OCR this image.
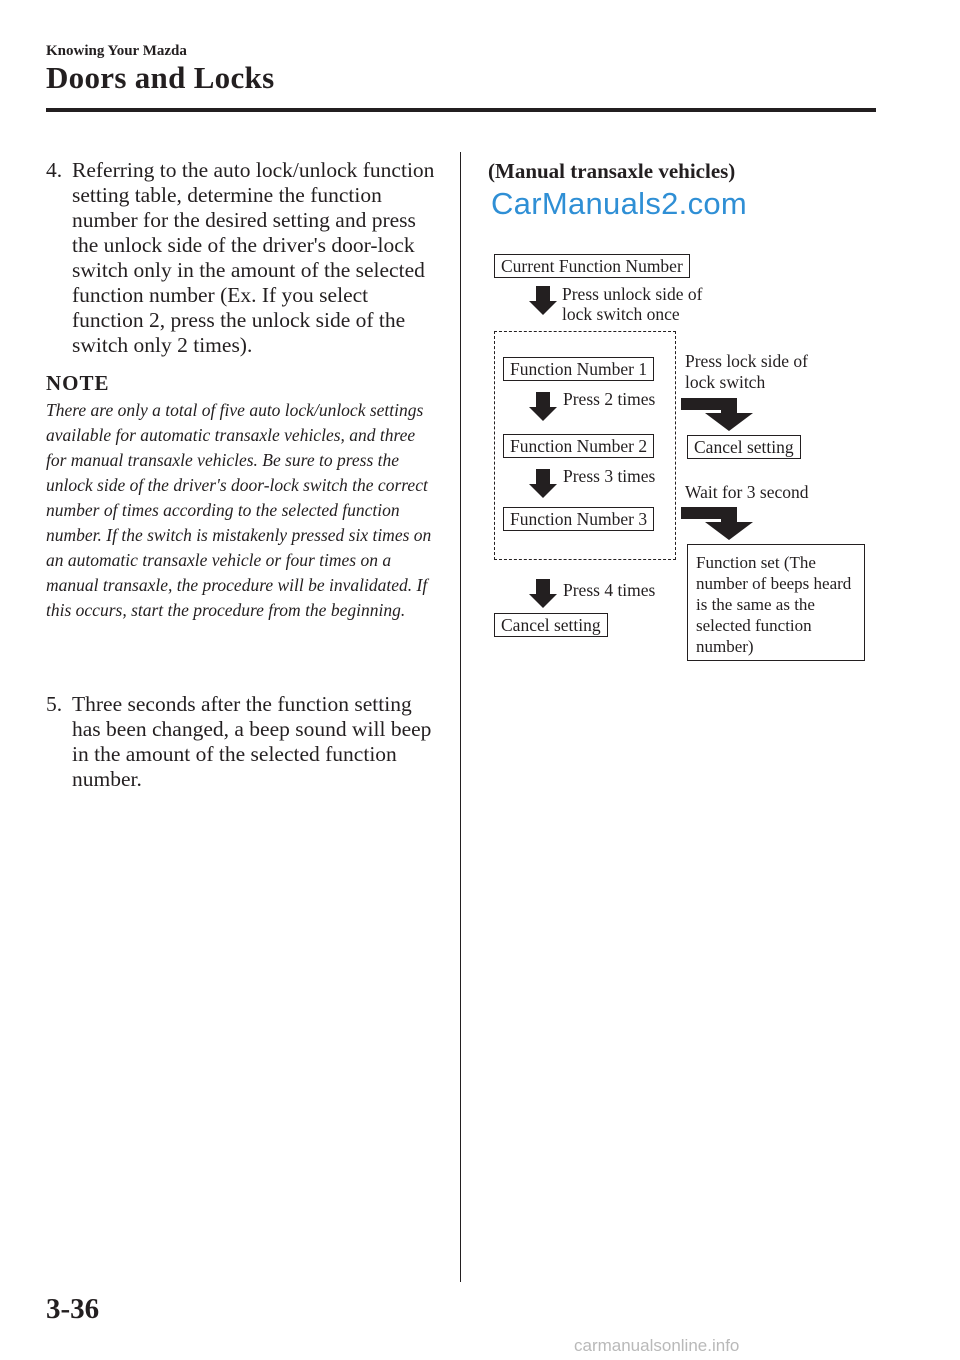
Knowing Your Mazda
Doors and Locks
4. Referring to the auto lock/unlock function setting table, determine the function number for the desired setting and press the unlock side of the driver's door-lock switch only in the amount of the selected function number (Ex. If you select function 2, press the unlock side of the switch only 2 times).
NOTE
There are only a total of five auto lock/unlock settings available for automatic transaxle vehicles, and three for manual transaxle vehicles. Be sure to press the unlock side of the driver's door-lock switch the correct number of times according to the selected function number. If the switch is mistakenly pressed six times on an automatic transaxle vehicle or four times on a manual transaxle, the procedure will be invalidated. If this occurs, start the procedure from the beginning.
5. Three seconds after the function setting has been changed, a beep sound will beep in the amount of the selected function number.
(Manual transaxle vehicles)
CarManuals2.com
Current Function Number
Press unlock side of
lock switch once
Function Number 1
Press 2 times
Function Number 2
Press 3 times
Function Number 3
Press 4 times
Cancel setting
Press lock side of
lock switch
Cancel setting
Wait for 3 second
Function set (The number of beeps heard is the same as the selected function number)
3-36
carmanualsonline.info
